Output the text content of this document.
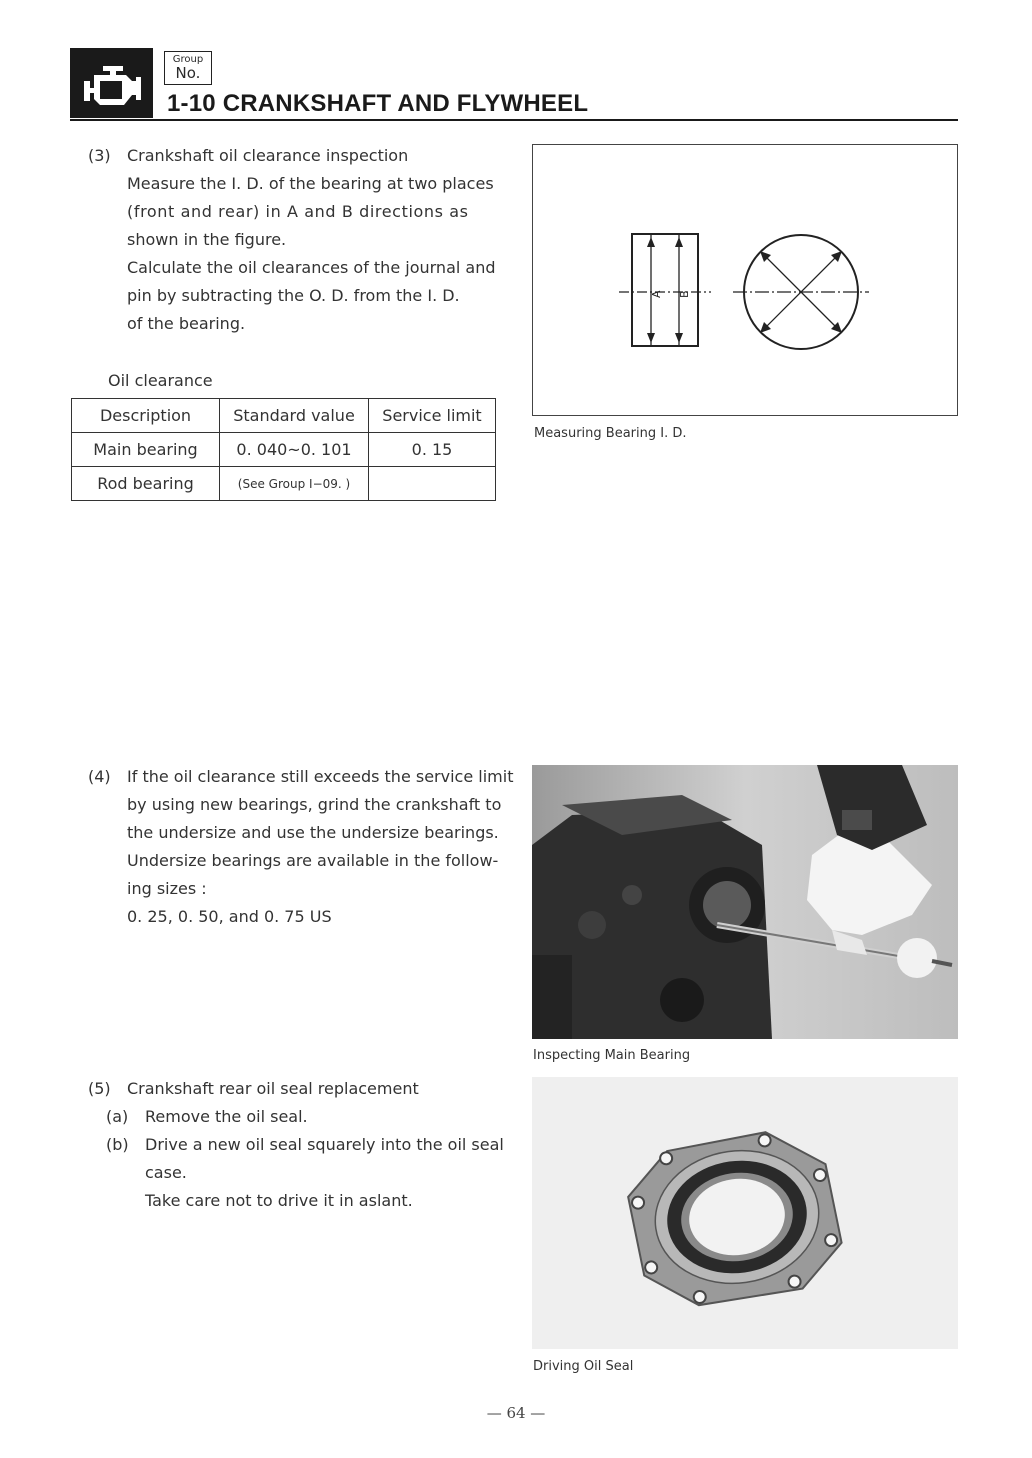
Group
No.
1-10 CRANKSHAFT AND FLYWHEEL
(3) Crankshaft oil clearance inspection
Measure the I. D. of the bearing at two places
(front and rear) in A and B directions as
shown in the figure.
Calculate the oil clearances of the journal and
pin by subtracting the O. D. from the I. D.
of the bearing.
Oil clearance
Description	Standard value	Service limit
Main bearing	0. 040~0. 101	0. 15
Rod bearing	(See Group I−09. )	
A B
Measuring Bearing I. D.
(4) If the oil clearance still exceeds the service limit
by using new bearings, grind the crankshaft to
the undersize and use the undersize bearings.
Undersize bearings are available in the follow-
ing sizes :
0. 25, 0. 50, and 0. 75 US
Inspecting Main Bearing
(5) Crankshaft rear oil seal replacement
(a) Remove the oil seal.
(b) Drive a new oil seal squarely into the oil seal
case.
Take care not to drive it in aslant.
Driving Oil Seal
— 64 —
